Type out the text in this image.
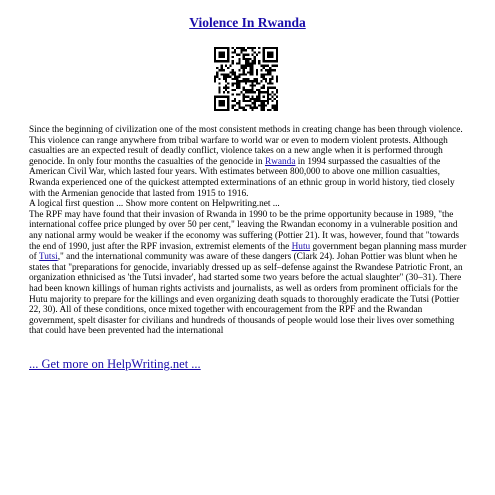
Violence In Rwanda

Since the beginning of civilization one of the most consistent methods in creating change has been through violence. This violence can range anywhere from tribal warfare to world war or even to modern violent protests. Although casualties are an expected result of deadly conflict, violence takes on a new angle when it is performed through genocide. In only four months the casualties of the genocide in Rwanda in 1994 surpassed the casualties of the American Civil War, which lasted four years. With estimates between 800,000 to above one million casualties, Rwanda experienced one of the quickest attempted exterminations of an ethnic group in world history, tied closely with the Armenian genocide that lasted from 1915 to 1916.

A logical first question ... Show more content on Helpwriting.net ...

The RPF may have found that their invasion of Rwanda in 1990 to be the prime opportunity because in 1989, "the international coffee price plunged by over 50 per cent," leaving the Rwandan economy in a vulnerable position and any national army would be weaker if the economy was suffering (Pottier 21). It was, however, found that "towards the end of 1990, just after the RPF invasion, extremist elements of the Hutu government began planning mass murder of Tutsi," and the international community was aware of these dangers (Clark 24). Johan Pottier was blunt when he states that "preparations for genocide, invariably dressed up as self–defense against the Rwandese Patriotic Front, an organization ethnicised as 'the Tutsi invader', had started some two years before the actual slaughter" (30–31). There had been known killings of human rights activists and journalists, as well as orders from prominent officials for the Hutu majority to prepare for the killings and even organizing death squads to thoroughly eradicate the Tutsi (Pottier 22, 30). All of these conditions, once mixed together with encouragement from the RPF and the Rwandan government, spelt disaster for civilians and hundreds of thousands of people would lose their lives over something that could have been prevented had the international

... Get more on HelpWriting.net ...
